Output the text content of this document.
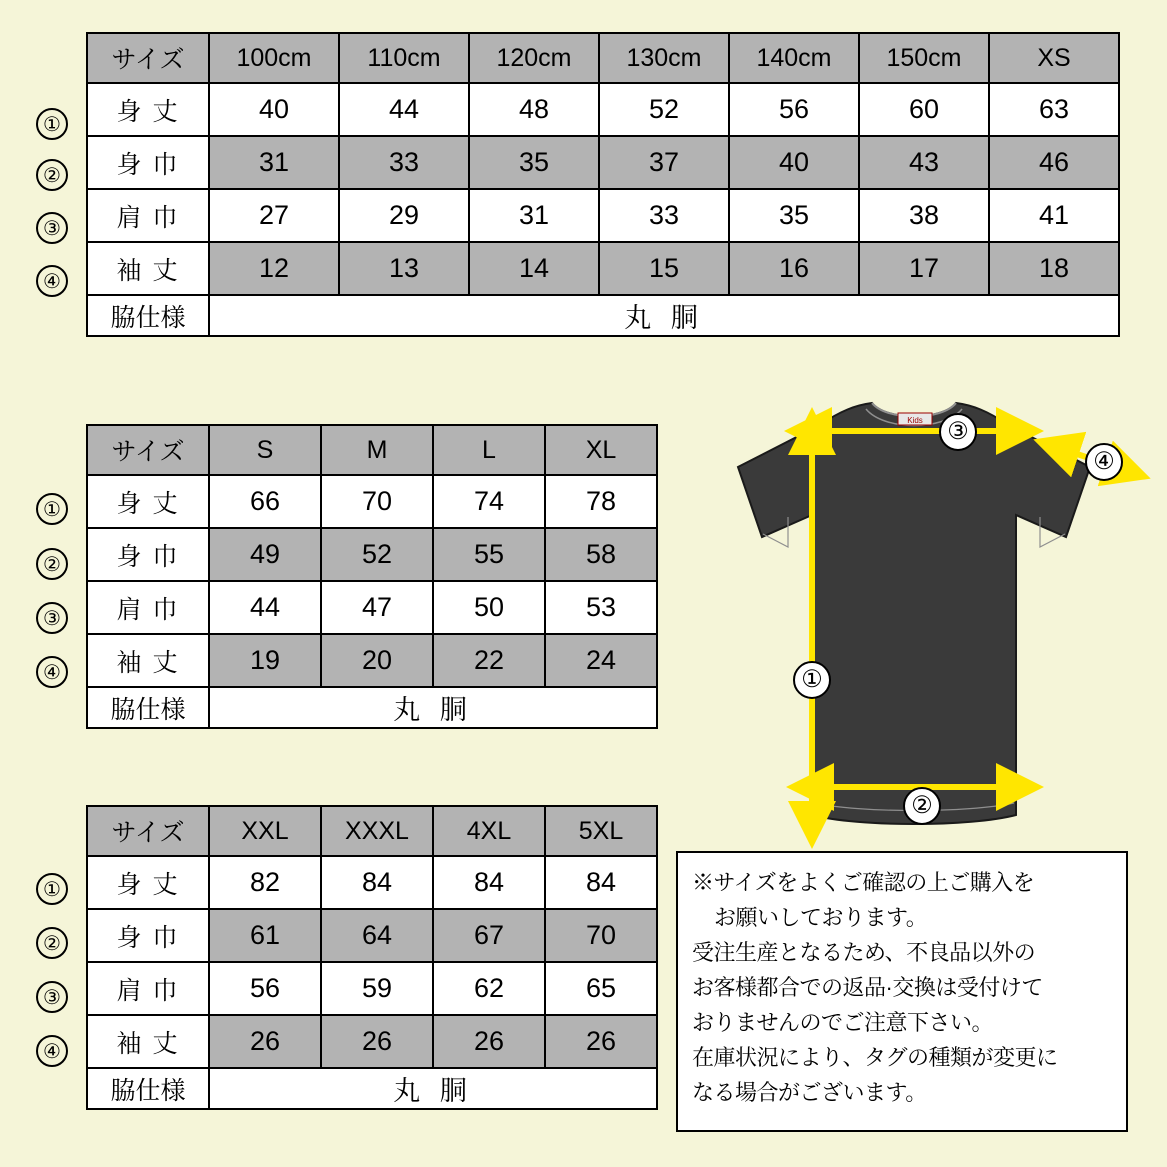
サイズ	100cm	110cm	120cm	130cm	140cm	150cm	XS
身 丈	40	44	48	52	56	60	63
身 巾	31	33	35	37	40	43	46
肩 巾	27	29	31	33	35	38	41
袖 丈	12	13	14	15	16	17	18
脇仕様	丸 胴						
①
②
③
④
サイズ	S	M	L	XL
身 丈	66	70	74	78
身 巾	49	52	55	58
肩 巾	44	47	50	53
袖 丈	19	20	22	24
脇仕様	丸 胴			
①
②
③
④
サイズ	XXL	XXXL	4XL	5XL
身 丈	82	84	84	84
身 巾	61	64	67	70
肩 巾	56	59	62	65
袖 丈	26	26	26	26
脇仕様	丸 胴			
①
②
③
④
Kids	③
④
①
②

※サイズをよくご確認の上ご購入を

お願いしております。

受注生産となるため、不良品以外の

お客様都合での返品·交換は受付けて

おりませんのでご注意下さい。

在庫状況により、タグの種類が変更に

なる場合がございます。
